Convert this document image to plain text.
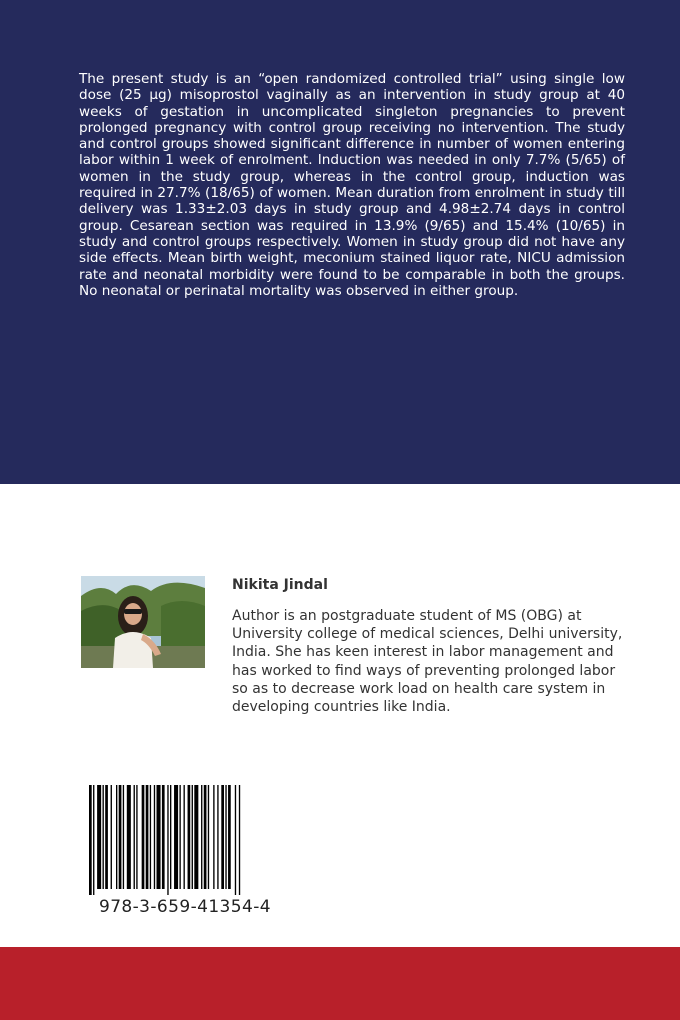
The present study is an “open randomized controlled trial” using single low dose (25 µg) misoprostol vaginally as an intervention in study group at 40 weeks of gestation in uncomplicated singleton pregnancies to prevent prolonged pregnancy with control group receiving no intervention. The study and control groups showed significant difference in number of women entering labor within 1 week of enrolment. Induction was needed in only 7.7% (5/65) of women in the study group, whereas in the control group, induction was required in 27.7% (18/65) of women. Mean duration from enrolment in study till delivery was 1.33±2.03 days in study group and 4.98±2.74 days in control group. Cesarean section was required in 13.9% (9/65) and 15.4% (10/65) in study and control groups respectively. Women in study group did not have any side effects. Mean birth weight, meconium stained liquor rate, NICU admission rate and neonatal morbidity were found to be comparable in both the groups. No neonatal or perinatal mortality was observed in either group.

Nikita Jindal

Author is an postgraduate student of MS (OBG) at University college of medical sciences, Delhi university, India. She has keen interest in labor management and has worked to find ways of preventing prolonged labor so as to decrease work load on health care system in developing countries like India.

978-3-659-41354-4
